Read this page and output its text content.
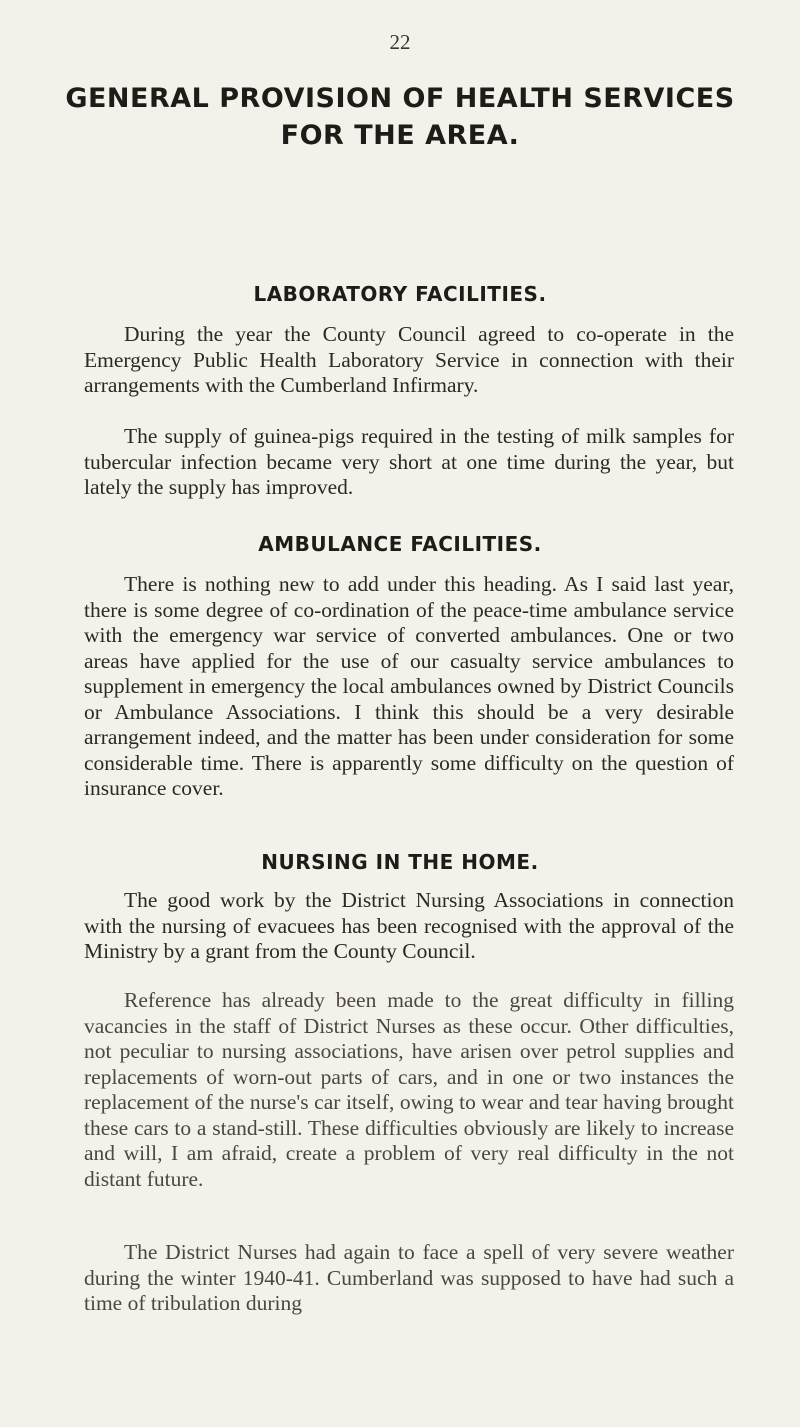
22
GENERAL PROVISION OF HEALTH SERVICES FOR THE AREA.
LABORATORY FACILITIES.
During the year the County Council agreed to co-operate in the Emergency Public Health Laboratory Service in connection with their arrangements with the Cumberland Infirmary.
The supply of guinea-pigs required in the testing of milk samples for tubercular infection became very short at one time during the year, but lately the supply has improved.
AMBULANCE FACILITIES.
There is nothing new to add under this heading. As I said last year, there is some degree of co-ordination of the peace-time ambulance service with the emergency war service of converted ambulances. One or two areas have applied for the use of our casualty service ambulances to supplement in emergency the local ambulances owned by District Councils or Ambulance Associations. I think this should be a very desirable arrangement indeed, and the matter has been under consideration for some considerable time. There is apparently some difficulty on the question of insurance cover.
NURSING IN THE HOME.
The good work by the District Nursing Associations in connection with the nursing of evacuees has been recognised with the approval of the Ministry by a grant from the County Council.
Reference has already been made to the great difficulty in filling vacancies in the staff of District Nurses as these occur. Other difficulties, not peculiar to nursing associations, have arisen over petrol supplies and replacements of worn-out parts of cars, and in one or two instances the replacement of the nurse's car itself, owing to wear and tear having brought these cars to a stand-still. These difficulties obviously are likely to increase and will, I am afraid, create a problem of very real difficulty in the not distant future.
The District Nurses had again to face a spell of very severe weather during the winter 1940-41. Cumberland was supposed to have had such a time of tribulation during
